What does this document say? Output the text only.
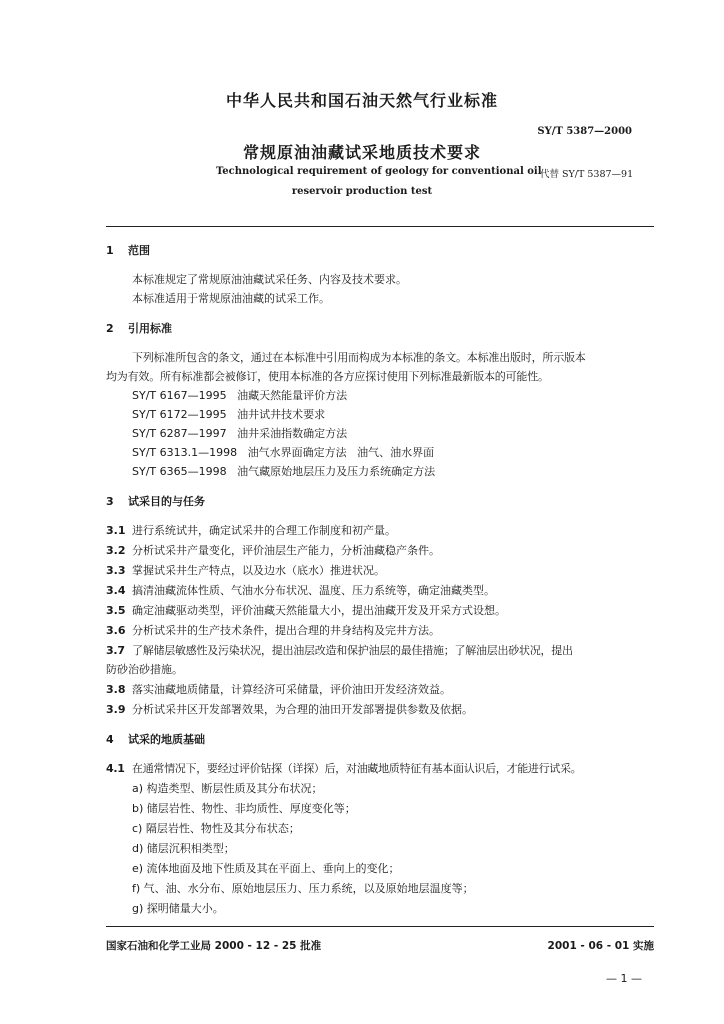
中华人民共和国石油天然气行业标准
SY/T 5387—2000
常规原油油藏试采地质技术要求
Technological requirement of geology for conventional oil
代替 SY/T 5387—91
reservoir production test
1 范围
本标准规定了常规原油油藏试采任务、内容及技术要求。
本标准适用于常规原油油藏的试采工作。
2 引用标准
下列标准所包含的条文，通过在本标准中引用而构成为本标准的条文。本标准出版时，所示版本
均为有效。所有标准都会被修订，使用本标准的各方应探讨使用下列标准最新版本的可能性。
SY/T 6167—1995   油藏天然能量评价方法
SY/T 6172—1995   油井试井技术要求
SY/T 6287—1997   油井采油指数确定方法
SY/T 6313.1—1998   油气水界面确定方法   油气、油水界面
SY/T 6365—1998   油气藏原始地层压力及压力系统确定方法
3 试采目的与任务
3.1 进行系统试井，确定试采井的合理工作制度和初产量。
3.2 分析试采井产量变化，评价油层生产能力，分析油藏稳产条件。
3.3 掌握试采井生产特点，以及边水（底水）推进状况。
3.4 搞清油藏流体性质、气油水分布状况、温度、压力系统等，确定油藏类型。
3.5 确定油藏驱动类型，评价油藏天然能量大小，提出油藏开发及开采方式设想。
3.6 分析试采井的生产技术条件，提出合理的井身结构及完井方法。
3.7 了解储层敏感性及污染状况，提出油层改造和保护油层的最佳措施；了解油层出砂状况，提出
防砂治砂措施。
3.8 落实油藏地质储量，计算经济可采储量，评价油田开发经济效益。
3.9 分析试采井区开发部署效果，为合理的油田开发部署提供参数及依据。
4 试采的地质基础
4.1 在通常情况下，要经过评价钻探（详探）后，对油藏地质特征有基本面认识后，才能进行试采。
a) 构造类型、断层性质及其分布状况；
b) 储层岩性、物性、非均质性、厚度变化等；
c) 隔层岩性、物性及其分布状态；
d) 储层沉积相类型；
e) 流体地面及地下性质及其在平面上、垂向上的变化；
f) 气、油、水分布、原始地层压力、压力系统，以及原始地层温度等；
g) 探明储量大小。
国家石油和化学工业局 2000 - 12 - 25 批准	2001 - 06 - 01 实施
— 1 —
